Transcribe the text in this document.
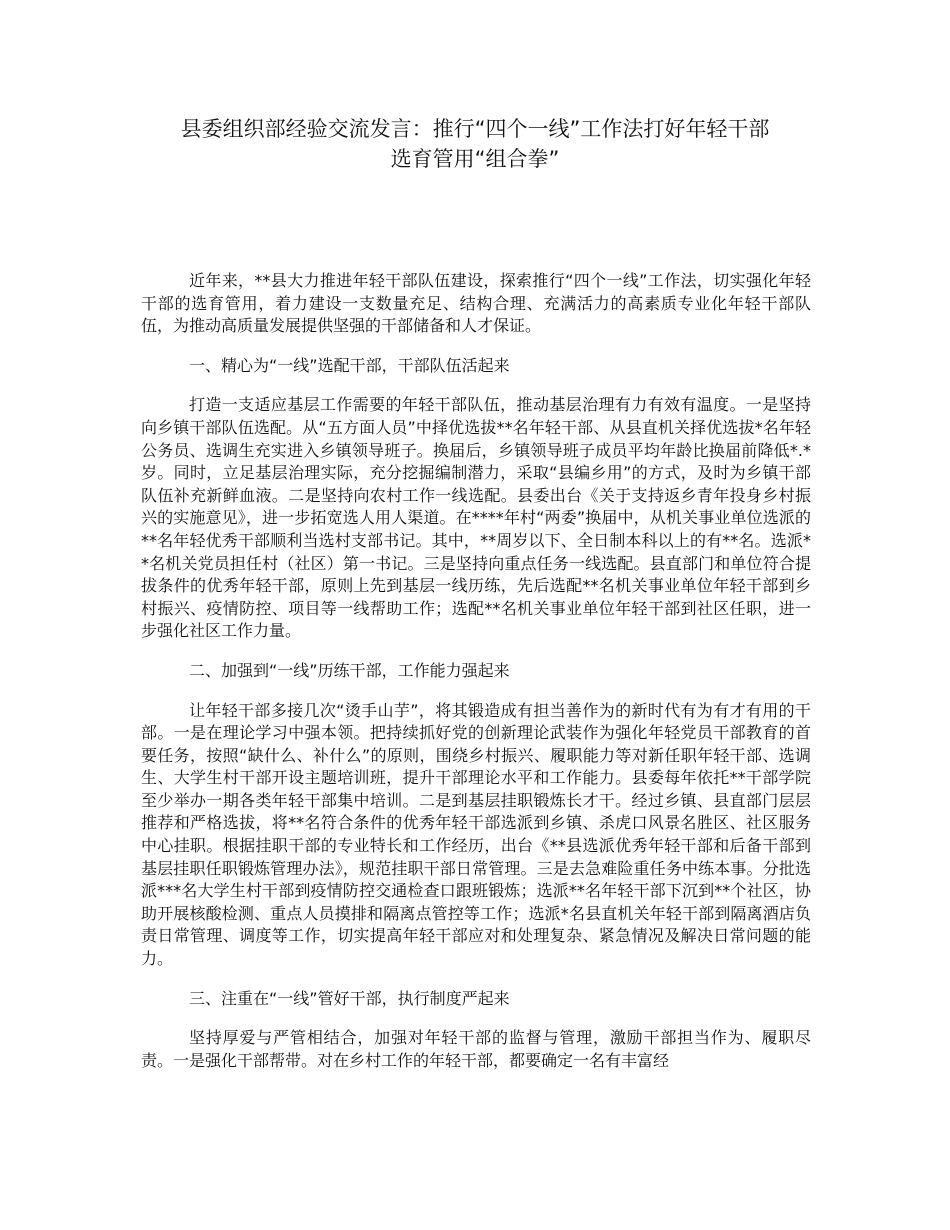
县委组织部经验交流发言：推行“四个一线”工作法打好年轻干部
选育管用“组合拳”

近年来，**县大力推进年轻干部队伍建设，探索推行“四个一线”工作法，切实强化年轻干部的选育管用，着力建设一支数量充足、结构合理、充满活力的高素质专业化年轻干部队伍，为推动高质量发展提供坚强的干部储备和人才保证。

一、精心为“一线”选配干部，干部队伍活起来

打造一支适应基层工作需要的年轻干部队伍，推动基层治理有力有效有温度。一是坚持向乡镇干部队伍选配。从“五方面人员”中择优选拔**名年轻干部、从县直机关择优选拔*名年轻公务员、选调生充实进入乡镇领导班子。换届后，乡镇领导班子成员平均年龄比换届前降低*.*岁。同时，立足基层治理实际，充分挖掘编制潜力，采取“县编乡用”的方式，及时为乡镇干部队伍补充新鲜血液。二是坚持向农村工作一线选配。县委出台《关于支持返乡青年投身乡村振兴的实施意见》，进一步拓宽选人用人渠道。在****年村“两委”换届中，从机关事业单位选派的**名年轻优秀干部顺利当选村支部书记。其中，**周岁以下、全日制本科以上的有**名。选派**名机关党员担任村（社区）第一书记。三是坚持向重点任务一线选配。县直部门和单位符合提拔条件的优秀年轻干部，原则上先到基层一线历练，先后选配**名机关事业单位年轻干部到乡村振兴、疫情防控、项目等一线帮助工作；选配**名机关事业单位年轻干部到社区任职，进一步强化社区工作力量。

二、加强到“一线”历练干部，工作能力强起来

让年轻干部多接几次“烫手山芋”，将其锻造成有担当善作为的新时代有为有才有用的干部。一是在理论学习中强本领。把持续抓好党的创新理论武装作为强化年轻党员干部教育的首要任务，按照“缺什么、补什么”的原则，围绕乡村振兴、履职能力等对新任职年轻干部、选调生、大学生村干部开设主题培训班，提升干部理论水平和工作能力。县委每年依托**干部学院至少举办一期各类年轻干部集中培训。二是到基层挂职锻炼长才干。经过乡镇、县直部门层层推荐和严格选拔，将**名符合条件的优秀年轻干部选派到乡镇、杀虎口风景名胜区、社区服务中心挂职。根据挂职干部的专业特长和工作经历，出台《**县选派优秀年轻干部和后备干部到基层挂职任职锻炼管理办法》，规范挂职干部日常管理。三是去急难险重任务中练本事。分批选派***名大学生村干部到疫情防控交通检查口跟班锻炼；选派**名年轻干部下沉到**个社区，协助开展核酸检测、重点人员摸排和隔离点管控等工作；选派*名县直机关年轻干部到隔离酒店负责日常管理、调度等工作，切实提高年轻干部应对和处理复杂、紧急情况及解决日常问题的能力。

三、注重在“一线”管好干部，执行制度严起来

坚持厚爱与严管相结合，加强对年轻干部的监督与管理，激励干部担当作为、履职尽责。一是强化干部帮带。对在乡村工作的年轻干部，都要确定一名有丰富经
